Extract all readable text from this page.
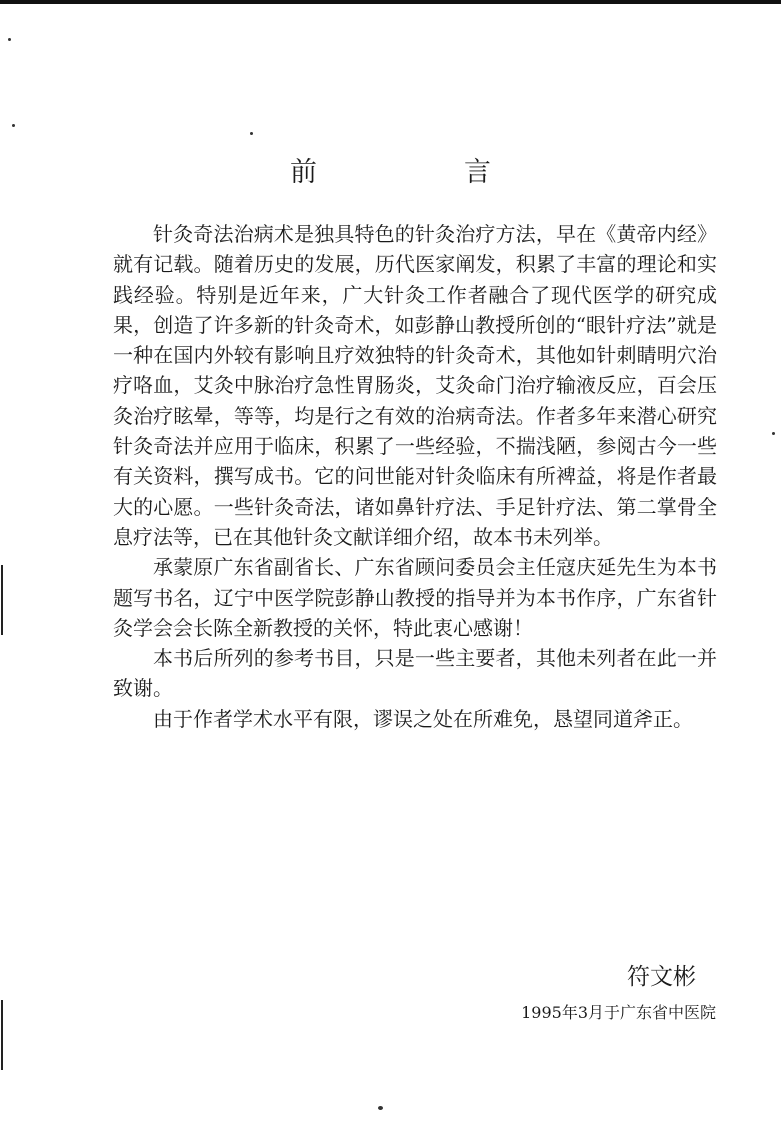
前　言

针灸奇法治病术是独具特色的针灸治疗方法，早在《黄帝内经》就有记载。随着历史的发展，历代医家阐发，积累了丰富的理论和实践经验。特别是近年来，广大针灸工作者融合了现代医学的研究成果，创造了许多新的针灸奇术，如彭静山教授所创的“眼针疗法”就是一种在国内外较有影响且疗效独特的针灸奇术，其他如针刺睛明穴治疗咯血，艾灸中脉治疗急性胃肠炎，艾灸命门治疗输液反应，百会压灸治疗眩晕，等等，均是行之有效的治病奇法。作者多年来潜心研究针灸奇法并应用于临床，积累了一些经验，不揣浅陋，参阅古今一些有关资料，撰写成书。它的问世能对针灸临床有所裨益，将是作者最大的心愿。一些针灸奇法，诸如鼻针疗法、手足针疗法、第二掌骨全息疗法等，已在其他针灸文献详细介绍，故本书未列举。

承蒙原广东省副省长、广东省顾问委员会主任寇庆延先生为本书题写书名，辽宁中医学院彭静山教授的指导并为本书作序，广东省针灸学会会长陈全新教授的关怀，特此衷心感谢！

本书后所列的参考书目，只是一些主要者，其他未列者在此一并致谢。

由于作者学术水平有限，谬误之处在所难免，恳望同道斧正。

符文彬

1995年3月于广东省中医院
